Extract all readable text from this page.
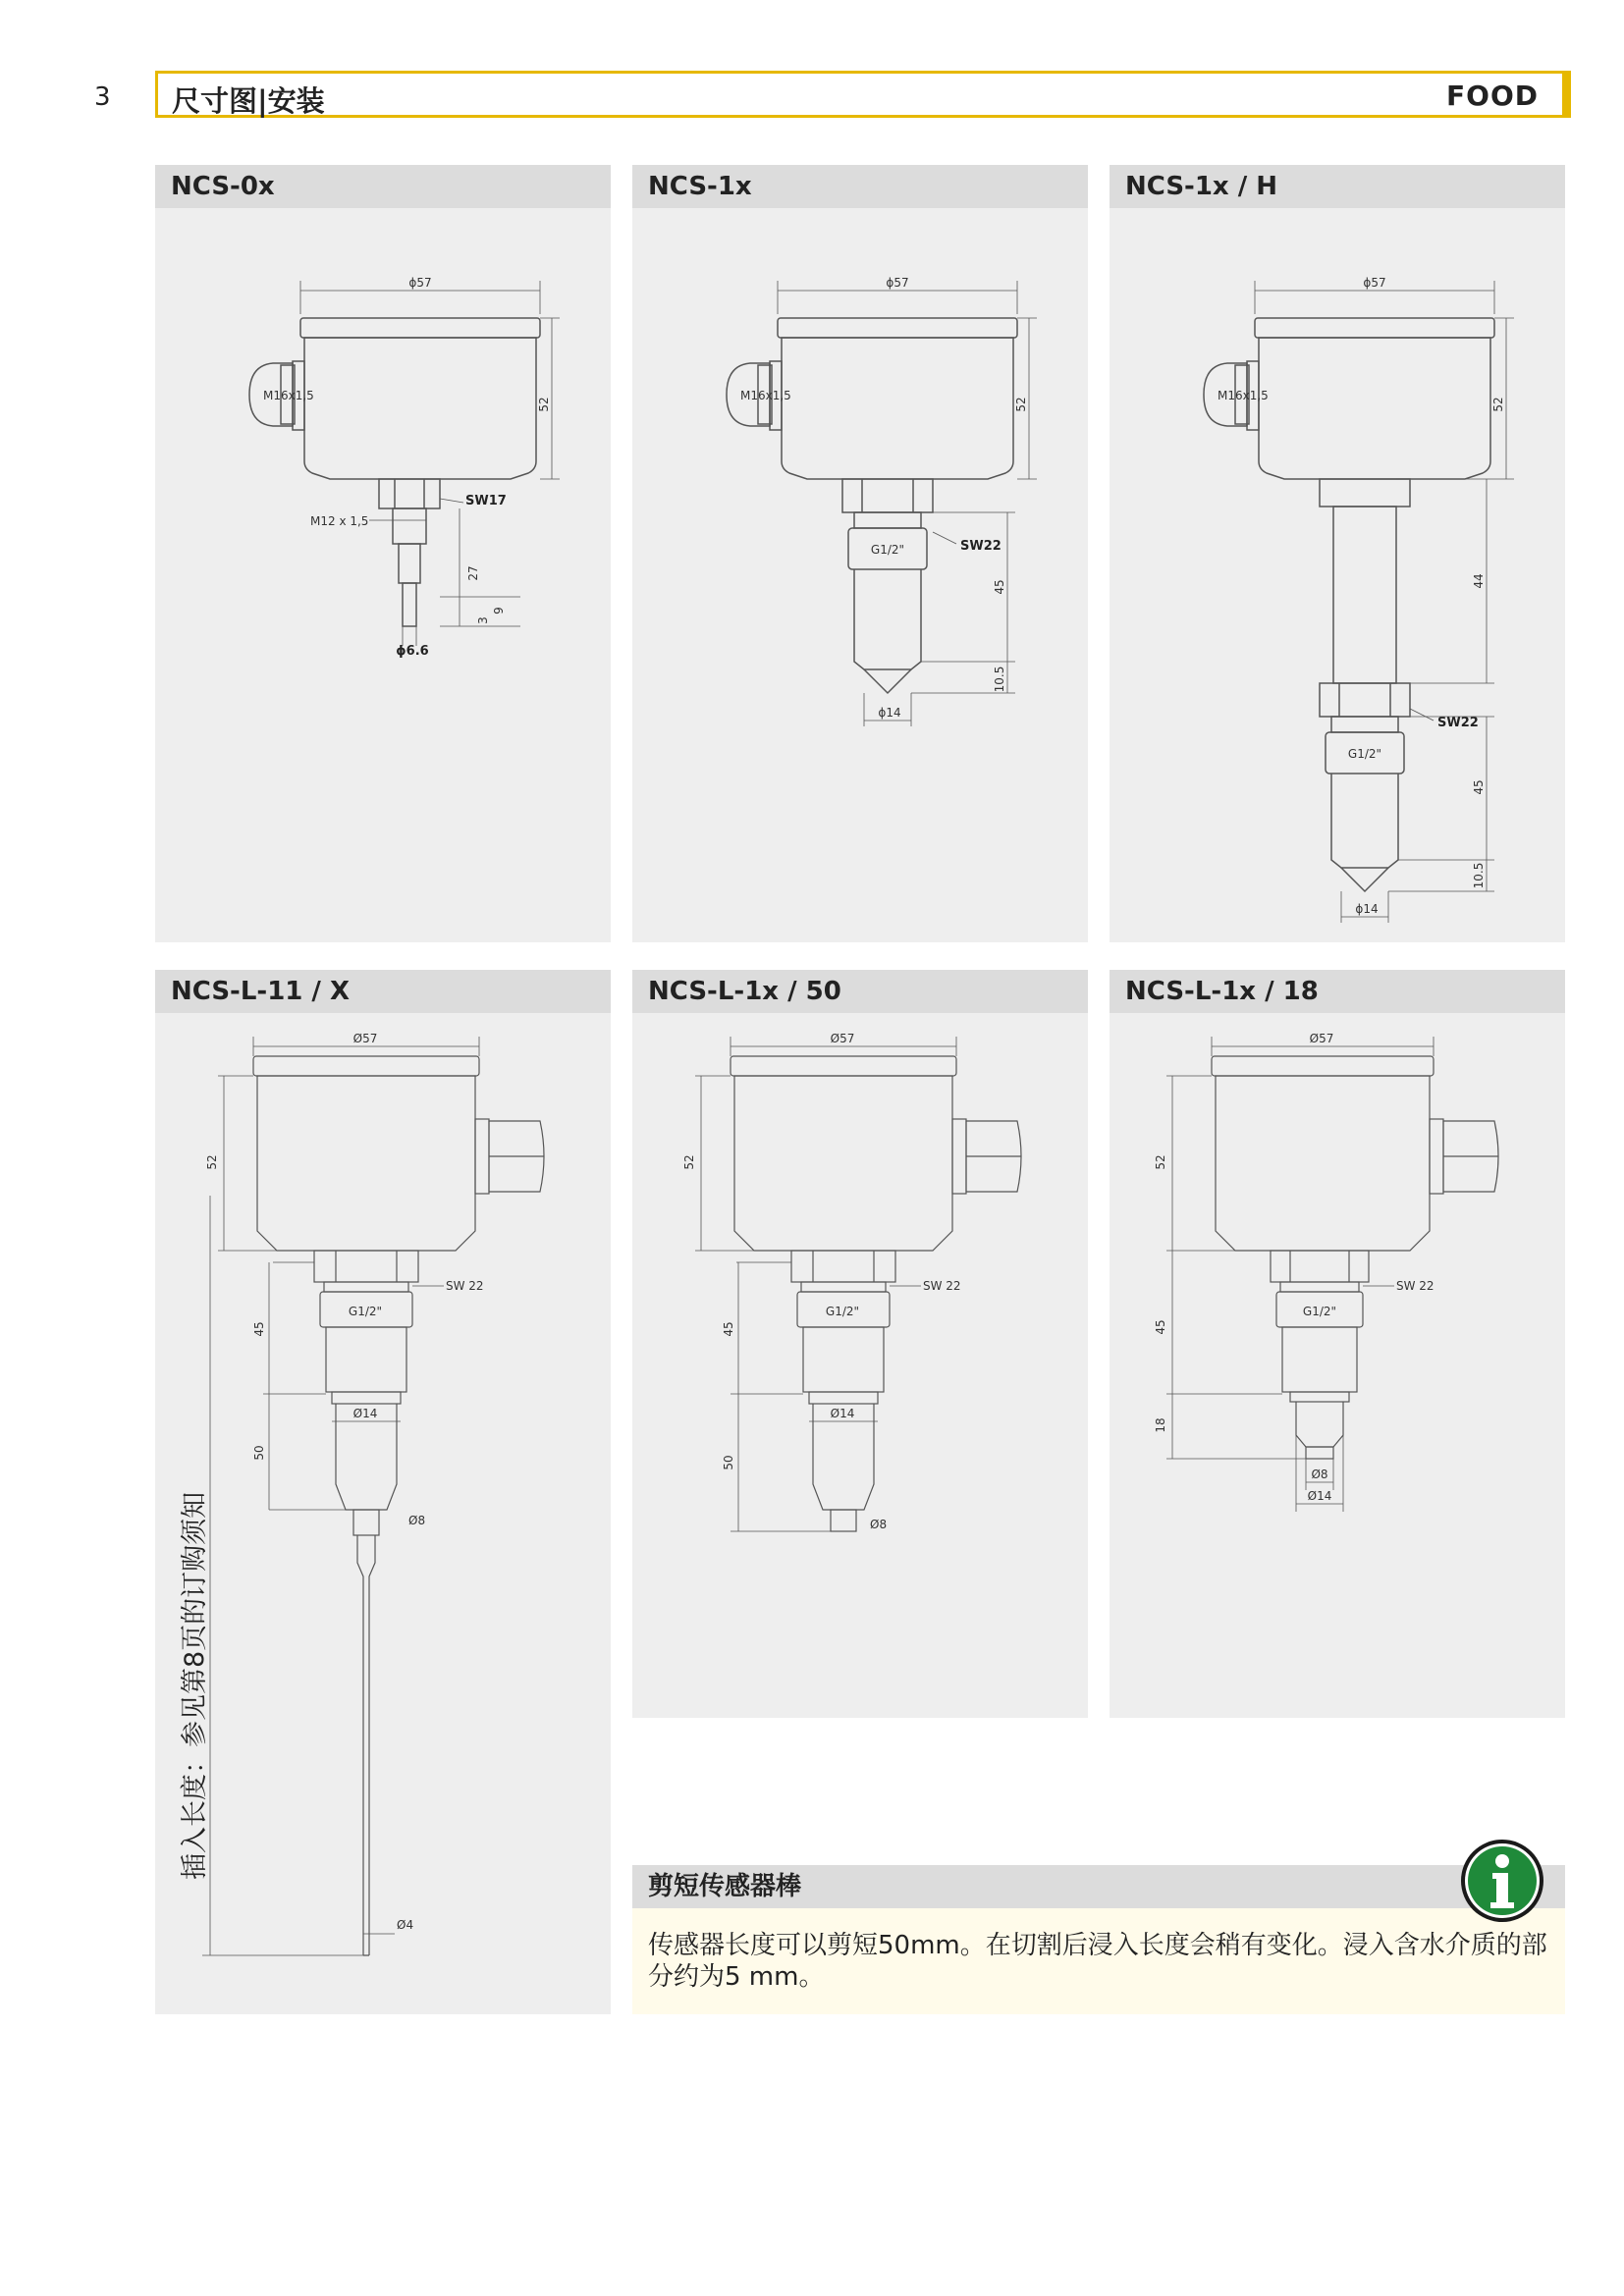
3 尺寸图|安装	FOOD
NCS-0x
ϕ57
52
M16x1,5
SW17
M12 x 1,5
27
9
3
ϕ6.6
NCS-1x
ϕ57
52
M16x1,5
SW22
G1/2"
45
10.5
ϕ14
NCS-1x / H
ϕ57
52
M16x1,5
44
SW22
G1/2"
45
10.5
ϕ14
NCS-L-11 / X
Ø57
52
SW 22
G1/2"
45
Ø14
50
Ø8
Ø4
NCS-L-1x / 50
Ø57
52
SW 22
G1/2"
45
Ø14
50
Ø8
NCS-L-1x / 18
Ø57
52
SW 22
G1/2"
45
18
Ø8
Ø14
插入长度：参见第8页的订购须知
剪短传感器棒
传感器长度可以剪短50mm。在切割后浸入长度会稍有变化。浸入含水介质的部分约为5 mm。
